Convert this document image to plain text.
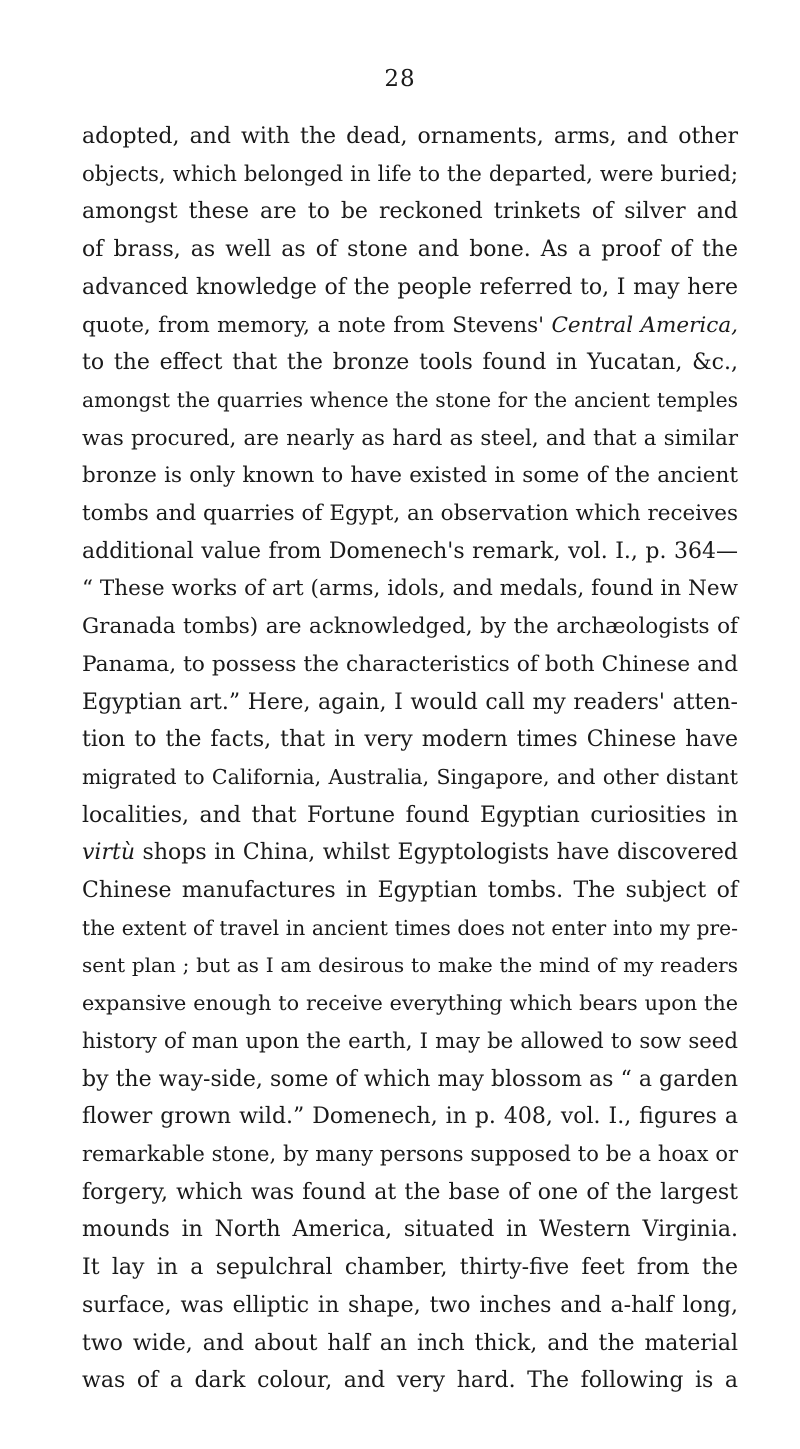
28
adopted, and with the dead, ornaments, arms, and other
objects, which belonged in life to the departed, were buried;
amongst these are to be reckoned trinkets of silver and
of brass, as well as of stone and bone. As a proof of the
advanced knowledge of the people referred to, I may here
quote, from memory, a note from Stevens' Central America,
to the effect that the bronze tools found in Yucatan, &c.,
amongst the quarries whence the stone for the ancient temples
was procured, are nearly as hard as steel, and that a similar
bronze is only known to have existed in some of the ancient
tombs and quarries of Egypt, an observation which receives
additional value from Domenech's remark, vol. I., p. 364—
“ These works of art (arms, idols, and medals, found in New
Granada tombs) are acknowledged, by the archæologists of
Panama, to possess the characteristics of both Chinese and
Egyptian art.” Here, again, I would call my readers' atten-
tion to the facts, that in very modern times Chinese have
migrated to California, Australia, Singapore, and other distant
localities, and that Fortune found Egyptian curiosities in
virtù shops in China, whilst Egyptologists have discovered
Chinese manufactures in Egyptian tombs. The subject of
the extent of travel in ancient times does not enter into my pre-
sent plan ; but as I am desirous to make the mind of my readers
expansive enough to receive everything which bears upon the
history of man upon the earth, I may be allowed to sow seed
by the way-side, some of which may blossom as “ a garden
flower grown wild.” Domenech, in p. 408, vol. I., figures a
remarkable stone, by many persons supposed to be a hoax or
forgery, which was found at the base of one of the largest
mounds in North America, situated in Western Virginia.
It lay in a sepulchral chamber, thirty-five feet from the
surface, was elliptic in shape, two inches and a-half long,
two wide, and about half an inch thick, and the material
was of a dark colour, and very hard. The following is a
